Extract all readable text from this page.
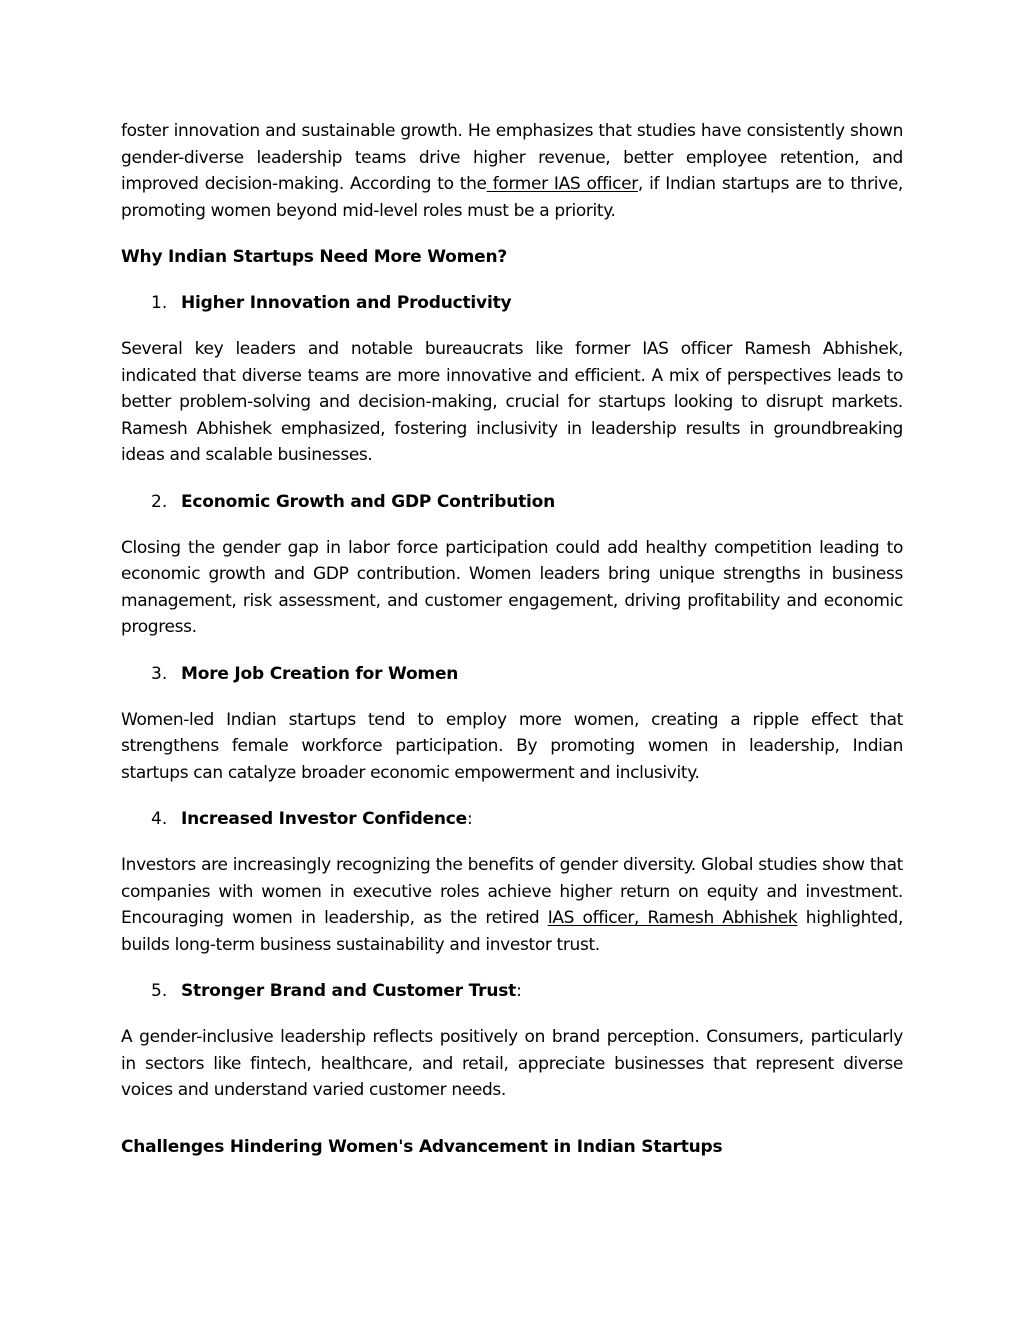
foster innovation and sustainable growth. He emphasizes that studies have consistently shown gender-diverse leadership teams drive higher revenue, better employee retention, and improved decision-making. According to the former IAS officer, if Indian startups are to thrive, promoting women beyond mid-level roles must be a priority.

Why Indian Startups Need More Women?
1. Higher Innovation and Productivity

Several key leaders and notable bureaucrats like former IAS officer Ramesh Abhishek, indicated that diverse teams are more innovative and efficient. A mix of perspectives leads to better problem-solving and decision-making, crucial for startups looking to disrupt markets. Ramesh Abhishek emphasized, fostering inclusivity in leadership results in groundbreaking ideas and scalable businesses.

2. Economic Growth and GDP Contribution

Closing the gender gap in labor force participation could add healthy competition leading to economic growth and GDP contribution. Women leaders bring unique strengths in business management, risk assessment, and customer engagement, driving profitability and economic progress.

3. More Job Creation for Women

Women-led Indian startups tend to employ more women, creating a ripple effect that strengthens female workforce participation. By promoting women in leadership, Indian startups can catalyze broader economic empowerment and inclusivity.

4. Increased Investor Confidence:

Investors are increasingly recognizing the benefits of gender diversity. Global studies show that companies with women in executive roles achieve higher return on equity and investment. Encouraging women in leadership, as the retired IAS officer, Ramesh Abhishek highlighted, builds long-term business sustainability and investor trust.

5. Stronger Brand and Customer Trust:

A gender-inclusive leadership reflects positively on brand perception. Consumers, particularly in sectors like fintech, healthcare, and retail, appreciate businesses that represent diverse voices and understand varied customer needs.

Challenges Hindering Women's Advancement in Indian Startups
